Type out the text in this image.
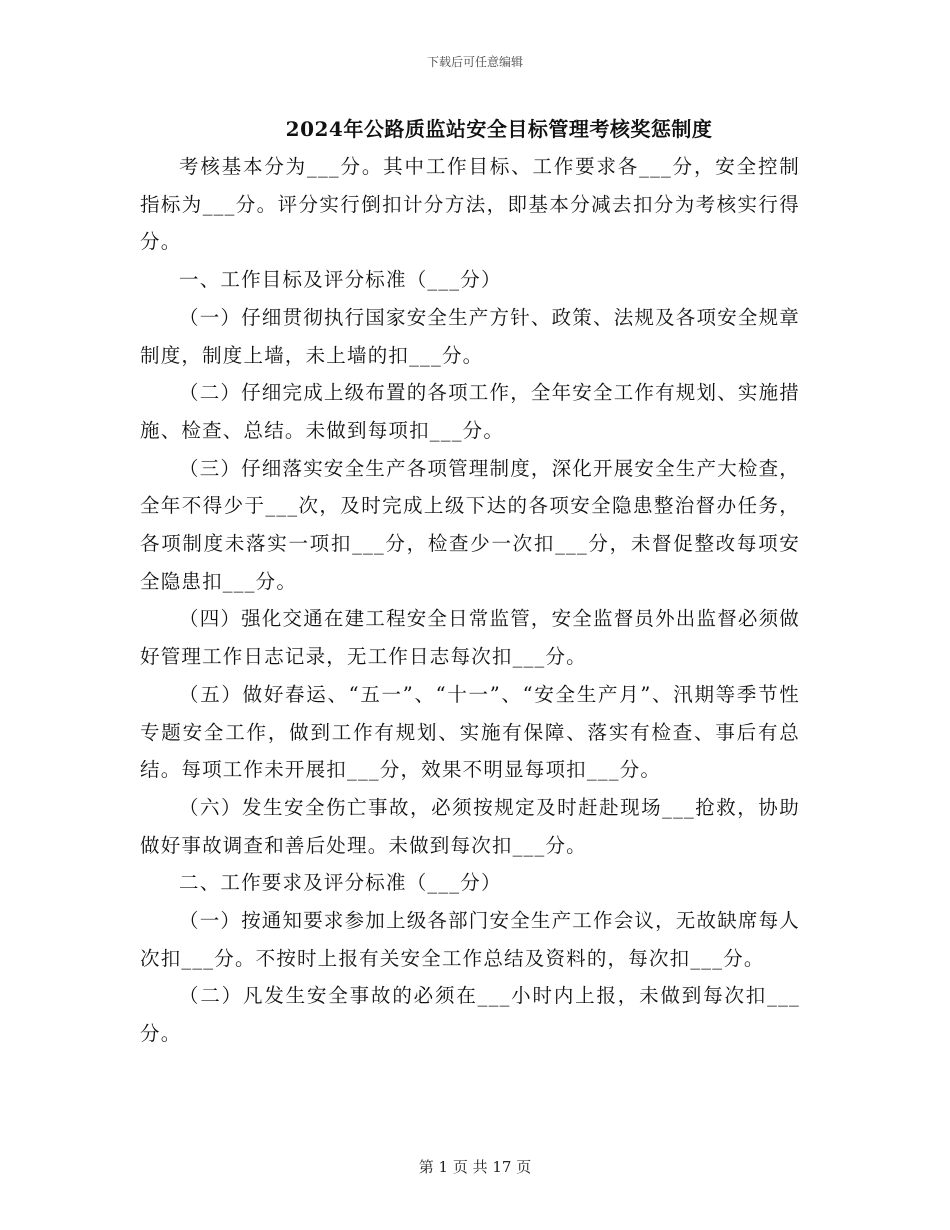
下载后可任意编辑
2024年公路质监站安全目标管理考核奖惩制度

考核基本分为___分。其中工作目标、工作要求各___分，安全控制指标为___分。评分实行倒扣计分方法，即基本分减去扣分为考核实行得分。

一、工作目标及评分标准（___分）

（一）仔细贯彻执行国家安全生产方针、政策、法规及各项安全规章制度，制度上墙，未上墙的扣___分。

（二）仔细完成上级布置的各项工作，全年安全工作有规划、实施措施、检查、总结。未做到每项扣___分。

（三）仔细落实安全生产各项管理制度，深化开展安全生产大检查，全年不得少于___次，及时完成上级下达的各项安全隐患整治督办任务，各项制度未落实一项扣___分，检查少一次扣___分，未督促整改每项安全隐患扣___分。

（四）强化交通在建工程安全日常监管，安全监督员外出监督必须做好管理工作日志记录，无工作日志每次扣___分。

（五）做好春运、“五一”、“十一”、“安全生产月”、汛期等季节性专题安全工作，做到工作有规划、实施有保障、落实有检查、事后有总结。每项工作未开展扣___分，效果不明显每项扣___分。

（六）发生安全伤亡事故，必须按规定及时赶赴现场___抢救，协助做好事故调查和善后处理。未做到每次扣___分。

二、工作要求及评分标准（___分）

（一）按通知要求参加上级各部门安全生产工作会议，无故缺席每人次扣___分。不按时上报有关安全工作总结及资料的，每次扣___分。

（二）凡发生安全事故的必须在___小时内上报，未做到每次扣___分。

第 1 页 共 17 页
